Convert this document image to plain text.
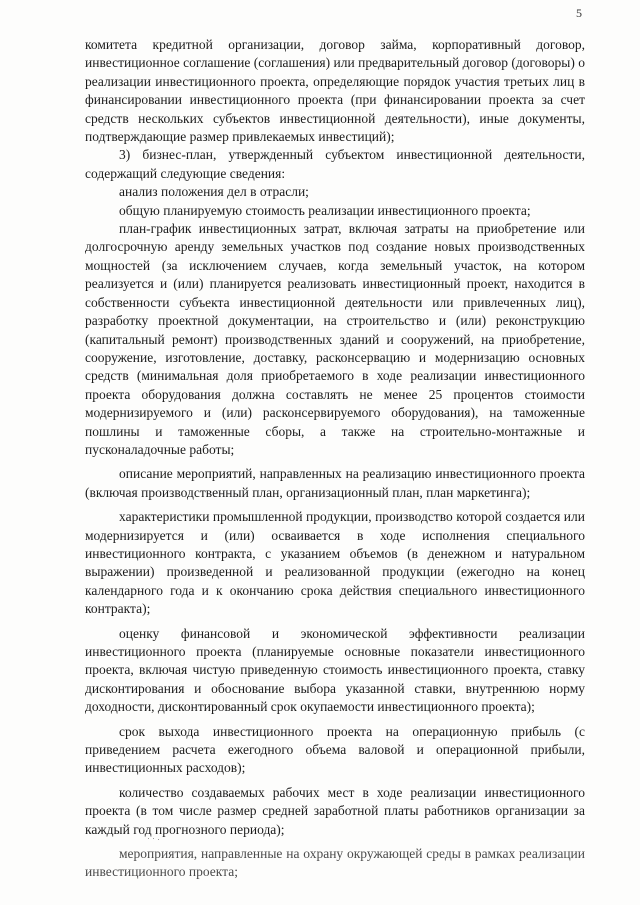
5

комитета кредитной организации, договор займа, корпоративный договор, инвестиционное соглашение (соглашения) или предварительный договор (договоры) о реализации инвестиционного проекта, определяющие порядок участия третьих лиц в финансировании инвестиционного проекта (при финансировании проекта за счет средств нескольких субъектов инвестиционной деятельности), иные документы, подтверждающие размер привлекаемых инвестиций);

3) бизнес-план, утвержденный субъектом инвестиционной деятельности, содержащий следующие сведения:

анализ положения дел в отрасли;

общую планируемую стоимость реализации инвестиционного проекта;

план-график инвестиционных затрат, включая затраты на приобретение или долгосрочную аренду земельных участков под создание новых производственных мощностей (за исключением случаев, когда земельный участок, на котором реализуется и (или) планируется реализовать инвестиционный проект, находится в собственности субъекта инвестиционной деятельности или привлеченных лиц), разработку проектной документации, на строительство и (или) реконструкцию (капитальный ремонт) производственных зданий и сооружений, на приобретение, сооружение, изготовление, доставку, расконсервацию и модернизацию основных средств (минимальная доля приобретаемого в ходе реализации инвестиционного проекта оборудования должна составлять не менее 25 процентов стоимости модернизируемого и (или) расконсервируемого оборудования), на таможенные пошлины и таможенные сборы, а также на строительно-монтажные и пусконаладочные работы;

описание мероприятий, направленных на реализацию инвестиционного проекта (включая производственный план, организационный план, план маркетинга);

характеристики промышленной продукции, производство которой создается или модернизируется и (или) осваивается в ходе исполнения специального инвестиционного контракта, с указанием объемов (в денежном и натуральном выражении) произведенной и реализованной продукции (ежегодно на конец календарного года и к окончанию срока действия специального инвестиционного контракта);

оценку финансовой и экономической эффективности реализации инвестиционного проекта (планируемые основные показатели инвестиционного проекта, включая чистую приведенную стоимость инвестиционного проекта, ставку дисконтирования и обоснование выбора указанной ставки, внутреннюю норму доходности, дисконтированный срок окупаемости инвестиционного проекта);

срок выхода инвестиционного проекта на операционную прибыль (с приведением расчета ежегодного объема валовой и операционной прибыли, инвестиционных расходов);

количество создаваемых рабочих мест в ходе реализации инвестиционного проекта (в том числе размер средней заработной платы работников организации за каждый год прогнозного периода);

мероприятия, направленные на охрану окружающей среды в рамках реализации инвестиционного проекта;
